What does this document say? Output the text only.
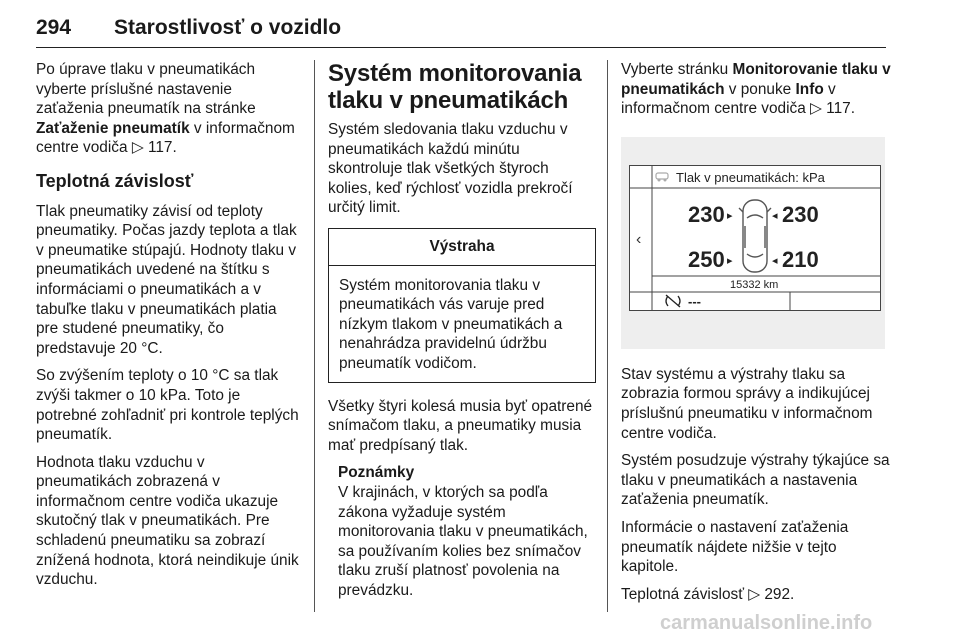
294 Starostlivosť o vozidlo

Po úprave tlaku v pneumatikách vyberte príslušné nastavenie zaťaženia pneumatík na stránke Zaťaženie pneumatík v informačnom centre vodiča ▷ 117.

Teplotná závislosť

Tlak pneumatiky závisí od teploty pneumatiky. Počas jazdy teplota a tlak v pneumatike stúpajú. Hodnoty tlaku v pneumatikách uvedené na štítku s informáciami o pneumatikách a v tabuľke tlaku v pneumatikách platia pre studené pneumatiky, čo predstavuje 20 °C.

So zvýšením teploty o 10 °C sa tlak zvýši takmer o 10 kPa. Toto je potrebné zohľadniť pri kontrole teplých pneumatík.

Hodnota tlaku vzduchu v pneumatikách zobrazená v informačnom centre vodiča ukazuje skutočný tlak v pneumatikách. Pre schladenú pneumatiku sa zobrazí znížená hodnota, ktorá neindikuje únik vzduchu.

Systém monitorovania tlaku v pneumatikách

Systém sledovania tlaku vzduchu v pneumatikách každú minútu skontroluje tlak všetkých štyroch kolies, keď rýchlosť vozidla prekročí určitý limit.

Výstraha
Systém monitorovania tlaku v pneumatikách vás varuje pred nízkym tlakom v pneumatikách a nenahrádza pravidelnú údržbu pneumatík vodičom.

Všetky štyri kolesá musia byť opatrené snímačom tlaku, a pneumatiky musia mať predpísaný tlak.

Poznámky
V krajinách, v ktorých sa podľa zákona vyžaduje systém monitorovania tlaku v pneumatikách, sa používaním kolies bez snímačov tlaku zruší platnosť povolenia na prevádzku.

Vyberte stránku Monitorovanie tlaku v pneumatikách v ponuke Info v informačnom centre vodiča ▷ 117.

Tlak v pneumatikách: kPa
‹
230 ▸	◂ 230
250 ▸	◂ 210
15332 km
---

Stav systému a výstrahy tlaku sa zobrazia formou správy a indikujúcej príslušnú pneumatiku v informačnom centre vodiča.

Systém posudzuje výstrahy týkajúce sa tlaku v pneumatikách a nastavenia zaťaženia pneumatík.

Informácie o nastavení zaťaženia pneumatík nájdete nižšie v tejto kapitole.

Teplotná závislosť ▷ 292.

carmanualsonline.info
